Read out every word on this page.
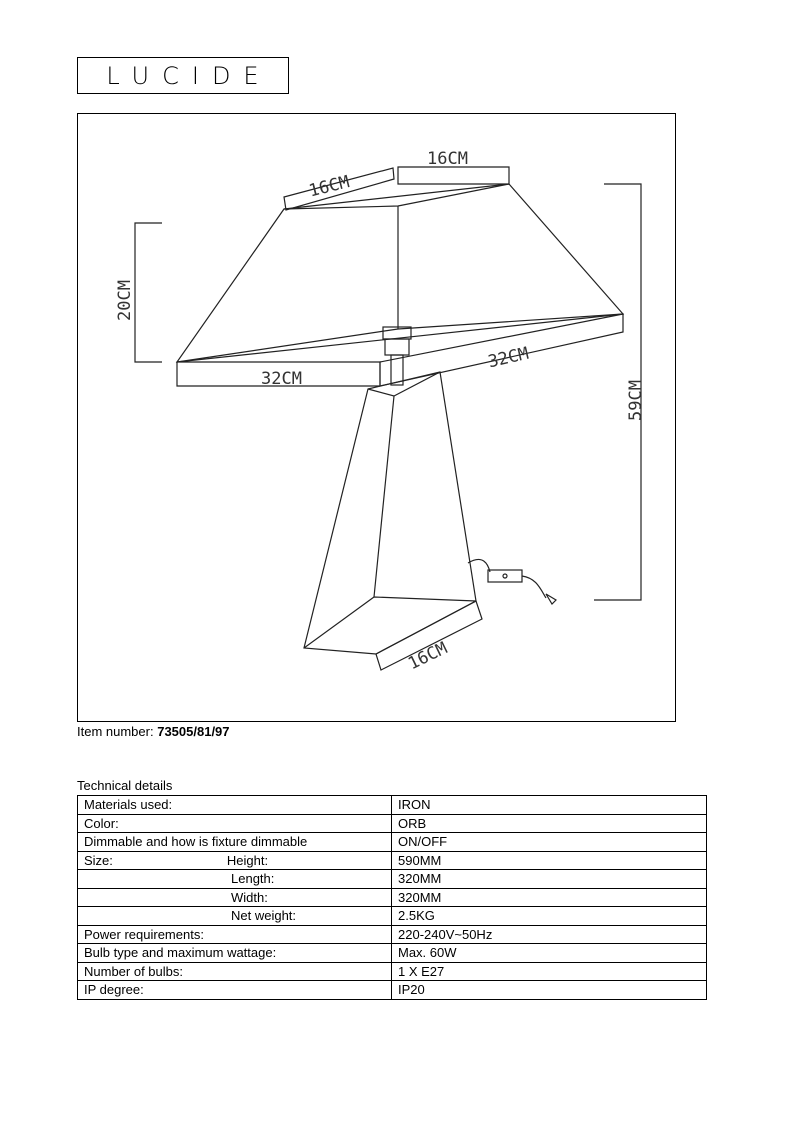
LUCIDE
16CM
16CM
20CM
32CM
32CM
59CM
16CM
Item number: 73505/81/97
Technical details
Materials used:	IRON
Color:	ORB
Dimmable and how is fixture dimmable	ON/OFF
Size: Height:	590MM
Length:	320MM
Width:	320MM
Net weight:	2.5KG
Power requirements:	220-240V~50Hz
Bulb type and maximum wattage:	Max. 60W
Number of bulbs:	1 X E27
IP degree:	IP20
